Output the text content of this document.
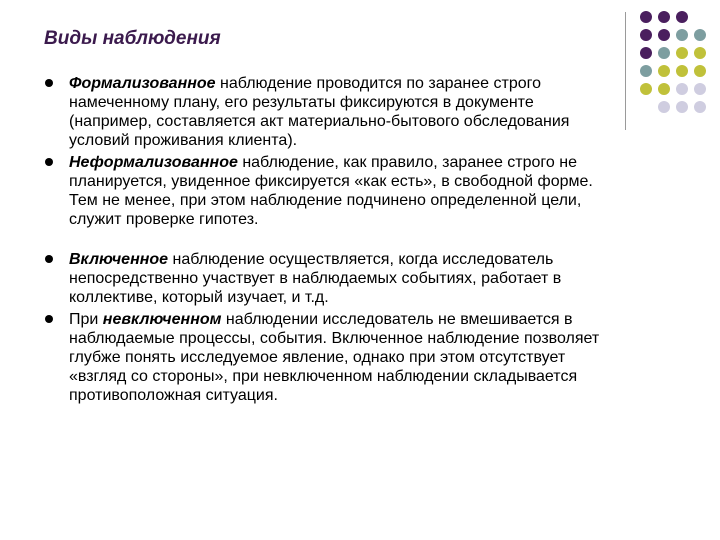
Виды наблюдения
Формализованное наблюдение проводится по заранее строго намеченному плану, его результаты фиксируются в документе (например, составляется акт материально-бытового обследования условий проживания клиента).
Неформализованное наблюдение, как правило, заранее строго не планируется, увиденное фиксируется «как есть», в свободной форме. Тем не менее, при этом наблюдение подчинено определенной цели, служит проверке гипотез.
Включенное наблюдение осуществляется, когда исследователь непосредственно участвует в наблюдаемых событиях, работает в коллективе, который изучает, и т.д.
При невключенном наблюдении исследователь не вмешивается в наблюдаемые процессы, события. Включенное наблюдение позволяет глубже понять исследуемое явление, однако при этом отсутствует «взгляд со стороны», при невключенном наблюдении складывается противоположная ситуация.
